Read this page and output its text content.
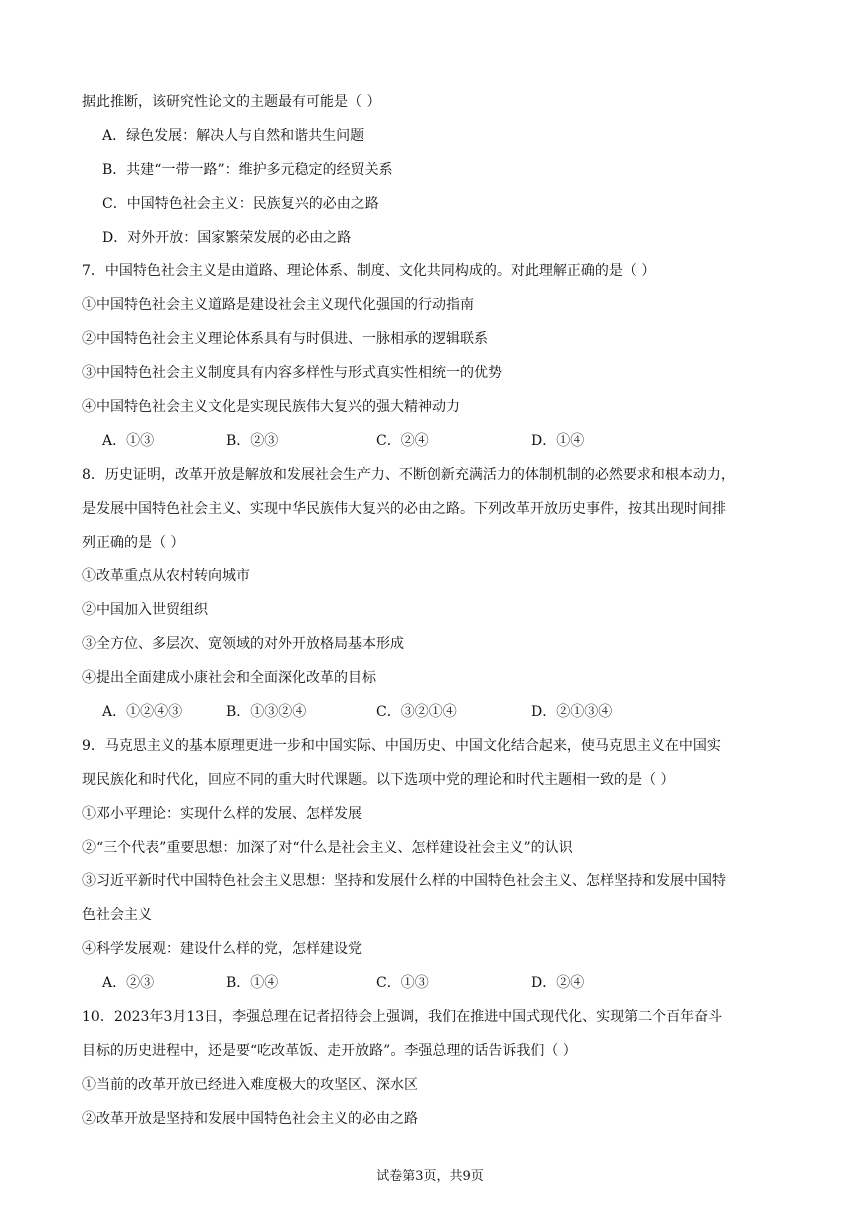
据此推断，该研究性论文的主题最有可能是（ ）
A．绿色发展：解决人与自然和谐共生问题
B．共建“一带一路”：维护多元稳定的经贸关系
C．中国特色社会主义：民族复兴的必由之路
D．对外开放：国家繁荣发展的必由之路
7．中国特色社会主义是由道路、理论体系、制度、文化共同构成的。对此理解正确的是（ ）
①中国特色社会主义道路是建设社会主义现代化强国的行动指南
②中国特色社会主义理论体系具有与时俱进、一脉相承的逻辑联系
③中国特色社会主义制度具有内容多样性与形式真实性相统一的优势
④中国特色社会主义文化是实现民族伟大复兴的强大精神动力
A．①③	B．②③	C．②④	D．①④
8．历史证明，改革开放是解放和发展社会生产力、不断创新充满活力的体制机制的必然要求和根本动力，
是发展中国特色社会主义、实现中华民族伟大复兴的必由之路。下列改革开放历史事件，按其出现时间排
列正确的是（ ）
①改革重点从农村转向城市
②中国加入世贸组织
③全方位、多层次、宽领域的对外开放格局基本形成
④提出全面建成小康社会和全面深化改革的目标
A．①②④③	B．①③②④	C．③②①④	D．②①③④
9．马克思主义的基本原理更进一步和中国实际、中国历史、中国文化结合起来，使马克思主义在中国实
现民族化和时代化，回应不同的重大时代课题。以下选项中党的理论和时代主题相一致的是（ ）
①邓小平理论：实现什么样的发展、怎样发展
②“三个代表”重要思想：加深了对“什么是社会主义、怎样建设社会主义”的认识
③习近平新时代中国特色社会主义思想：坚持和发展什么样的中国特色社会主义、怎样坚持和发展中国特
色社会主义
④科学发展观：建设什么样的党，怎样建设党
A．②③	B．①④	C．①③	D．②④
10．2023年3月13日，李强总理在记者招待会上强调，我们在推进中国式现代化、实现第二个百年奋斗
目标的历史进程中，还是要“吃改革饭、走开放路”。李强总理的话告诉我们（ ）
①当前的改革开放已经进入难度极大的攻坚区、深水区
②改革开放是坚持和发展中国特色社会主义的必由之路
试卷第3页，共9页
